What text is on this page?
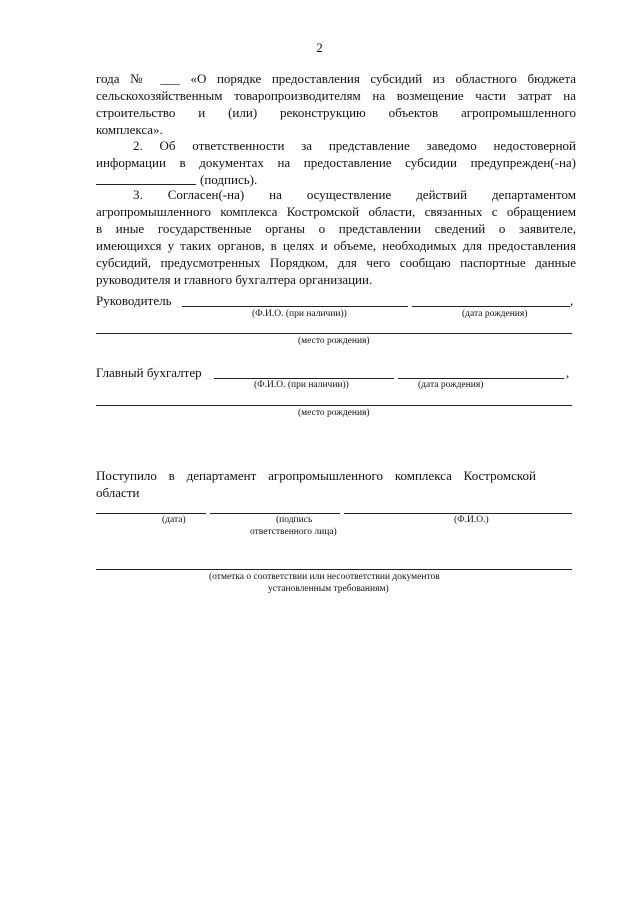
2
года № ___ «О порядке предоставления субсидий из областного бюджета
сельскохозяйственным товаропроизводителям на возмещение части затрат на
строительство и (или) реконструкцию объектов агропромышленного
комплекса».
2. Об ответственности за представление заведомо недостоверной
информации в документах на предоставление субсидии предупрежден(-на)
(подпись).
3. Согласен(-на) на осуществление действий департаментом
агропромышленного комплекса Костромской области, связанных с обращением
в иные государственные органы о представлении сведений о заявителе,
имеющихся у таких органов, в целях и объеме, необходимых для предоставления
субсидий, предусмотренных Порядком, для чего сообщаю паспортные данные
руководителя и главного бухгалтера организации.
Руководитель	,
(Ф.И.О. (при наличии))	(дата рождения)
(место рождения)
Главный бухгалтер	,
(Ф.И.О. (при наличии))	(дата рождения)
(место рождения)
Поступило в департамент агропромышленного комплекса Костромской
области
(дата)	(подпись
ответственного лица)
(Ф.И.О.)
(отметка о соответствии или несоответствии документов
установленным требованиям)
